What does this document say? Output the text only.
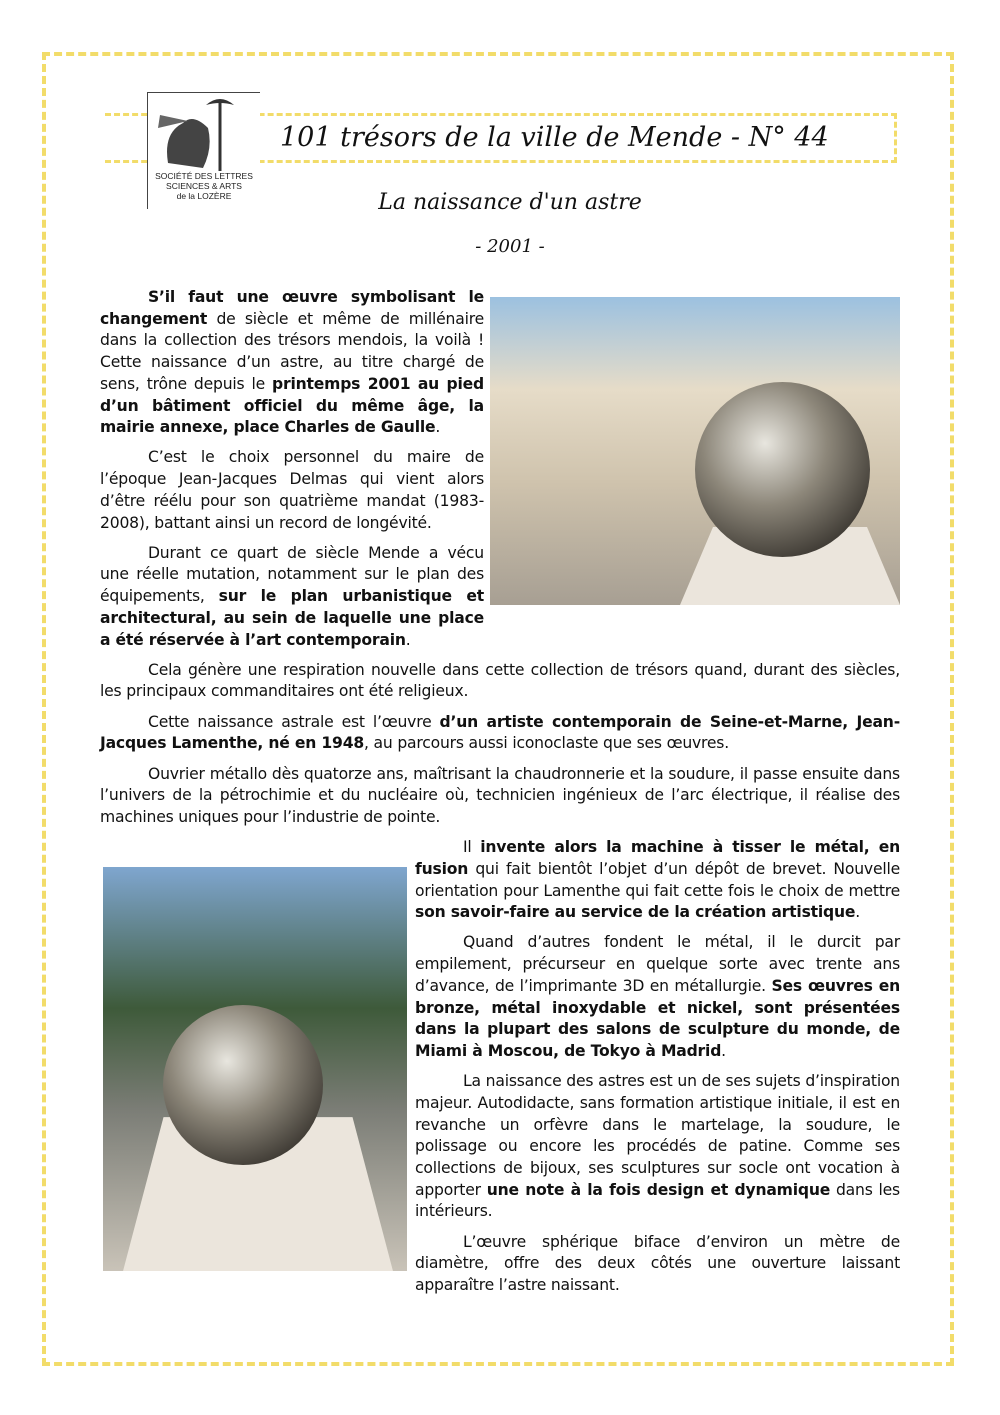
SOCIÉTÉ DES LETTRES
SCIENCES & ARTS
de la LOZÈRE
101 trésors de la ville de Mende - N° 44
La naissance d'un astre
- 2001 -

S’il faut une œuvre symbolisant le changement de siècle et même de millénaire dans la collection des trésors mendois, la voilà ! Cette naissance d’un astre, au titre chargé de sens, trône depuis le printemps 2001 au pied d’un bâtiment officiel du même âge, la mairie annexe, place Charles de Gaulle.

C’est le choix personnel du maire de l’époque Jean-Jacques Delmas qui vient alors d’être réélu pour son quatrième mandat (1983-2008), battant ainsi un record de longévité.

Durant ce quart de siècle Mende a vécu une réelle mutation, notamment sur le plan des équipements, sur le plan urbanistique et architectural, au sein de laquelle une place a été réservée à l’art contemporain.

Cela génère une respiration nouvelle dans cette collection de trésors quand, durant des siècles, les principaux commanditaires ont été religieux.

Cette naissance astrale est l’œuvre d’un artiste contemporain de Seine-et-Marne, Jean-Jacques Lamenthe, né en 1948, au parcours aussi iconoclaste que ses œuvres.

Ouvrier métallo dès quatorze ans, maîtrisant la chaudronnerie et la soudure, il passe ensuite dans l’univers de la pétrochimie et du nucléaire où, technicien ingénieux de l’arc électrique, il réalise des machines uniques pour l’industrie de pointe.

Il invente alors la machine à tisser le métal, en fusion qui fait bientôt l’objet d’un dépôt de brevet. Nouvelle orientation pour Lamenthe qui fait cette fois le choix de mettre son savoir-faire au service de la création artistique.

Quand d’autres fondent le métal, il le durcit par empilement, précurseur en quelque sorte avec trente ans d’avance, de l’imprimante 3D en métallurgie. Ses œuvres en bronze, métal inoxydable et nickel, sont présentées dans la plupart des salons de sculpture du monde, de Miami à Moscou, de Tokyo à Madrid.

La naissance des astres est un de ses sujets d’inspiration majeur. Autodidacte, sans formation artistique initiale, il est en revanche un orfèvre dans le martelage, la soudure, le polissage ou encore les procédés de patine. Comme ses collections de bijoux, ses sculptures sur socle ont vocation à apporter une note à la fois design et dynamique dans les intérieurs.

L’œuvre sphérique biface d’environ un mètre de diamètre, offre des deux côtés une ouverture laissant apparaître l’astre naissant.
